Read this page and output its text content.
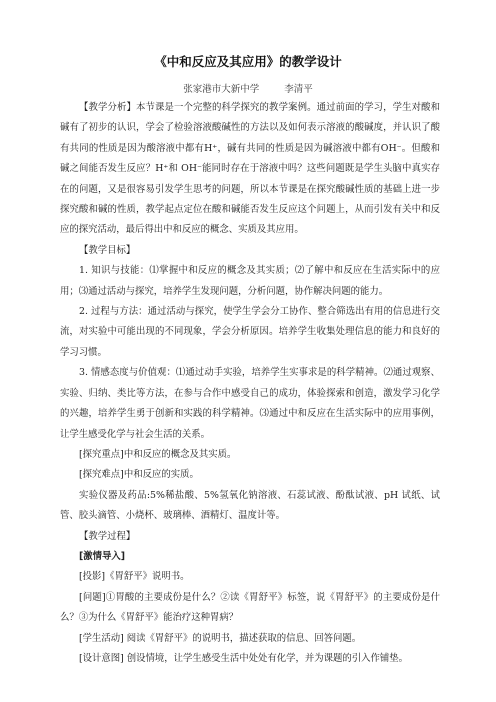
《中和反应及其应用》的教学设计
张家港市大新中学	李清平

【教学分析】本节课是一个完整的科学探究的教学案例。通过前面的学习，学生对酸和碱有了初步的认识，学会了检验溶液酸碱性的方法以及如何表示溶液的酸碱度，并认识了酸有共同的性质是因为酸溶液中都有H⁺，碱有共同的性质是因为碱溶液中都有OH⁻。但酸和碱之间能否发生反应？H⁺和 OH⁻能同时存在于溶液中吗？这些问题既是学生头脑中真实存在的问题，又是很容易引发学生思考的问题，所以本节课是在探究酸碱性质的基础上进一步探究酸和碱的性质，教学起点定位在酸和碱能否发生反应这个问题上，从而引发有关中和反应的探究活动，最后得出中和反应的概念、实质及其应用。

【教学目标】

1. 知识与技能：⑴掌握中和反应的概念及其实质；⑵了解中和反应在生活实际中的应用；⑶通过活动与探究，培养学生发现问题，分析问题，协作解决问题的能力。

2. 过程与方法：通过活动与探究，使学生学会分工协作、整合筛选出有用的信息进行交流，对实验中可能出现的不同现象，学会分析原因。培养学生收集处理信息的能力和良好的学习习惯。

3. 情感态度与价值观：⑴通过动手实验，培养学生实事求是的科学精神。⑵通过观察、实验、归纳、类比等方法，在参与合作中感受自己的成功，体验探索和创造，激发学习化学的兴趣，培养学生勇于创新和实践的科学精神。⑶通过中和反应在生活实际中的应用事例，让学生感受化学与社会生活的关系。

[探究重点]中和反应的概念及其实质。

[探究难点]中和反应的实质。

实验仪器及药品:5%稀盐酸、5%氢氧化钠溶液、石蕊试液、酚酞试液、pH 试纸、试管、胶头滴管、小烧杯、玻璃棒、酒精灯、温度计等。

【教学过程】

[激情导入]

[投影]《胃舒平》说明书。

[问题]①胃酸的主要成份是什么？②读《胃舒平》标签，说《胃舒平》的主要成份是什么？③为什么《胃舒平》能治疗这种胃病？

[学生活动] 阅读《胃舒平》的说明书，描述获取的信息、回答问题。

[设计意图] 创设情境，让学生感受生活中处处有化学，并为课题的引入作铺垫。
